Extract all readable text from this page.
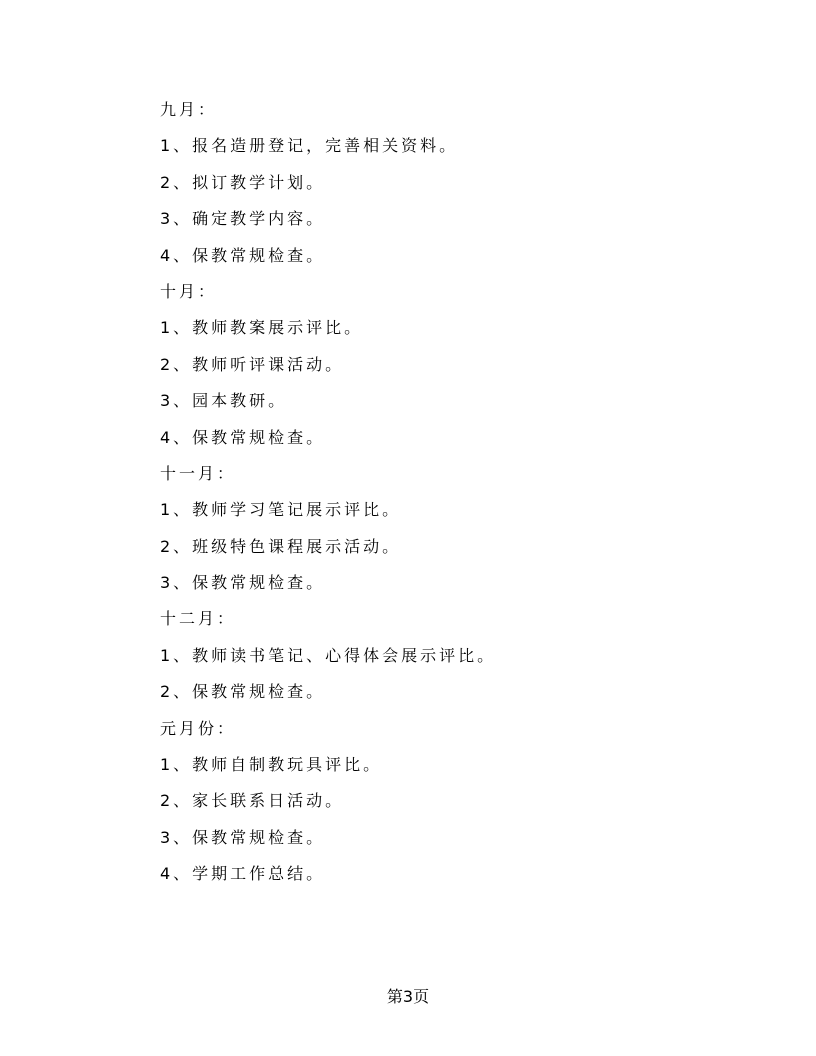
九月：
1、报名造册登记，完善相关资料。
2、拟订教学计划。
3、确定教学内容。
4、保教常规检查。
十月：
1、教师教案展示评比。
2、教师听评课活动。
3、园本教研。
4、保教常规检查。
十一月：
1、教师学习笔记展示评比。
2、班级特色课程展示活动。
3、保教常规检查。
十二月：
1、教师读书笔记、心得体会展示评比。
2、保教常规检查。
元月份：
1、教师自制教玩具评比。
2、家长联系日活动。
3、保教常规检查。
4、学期工作总结。
第3页
